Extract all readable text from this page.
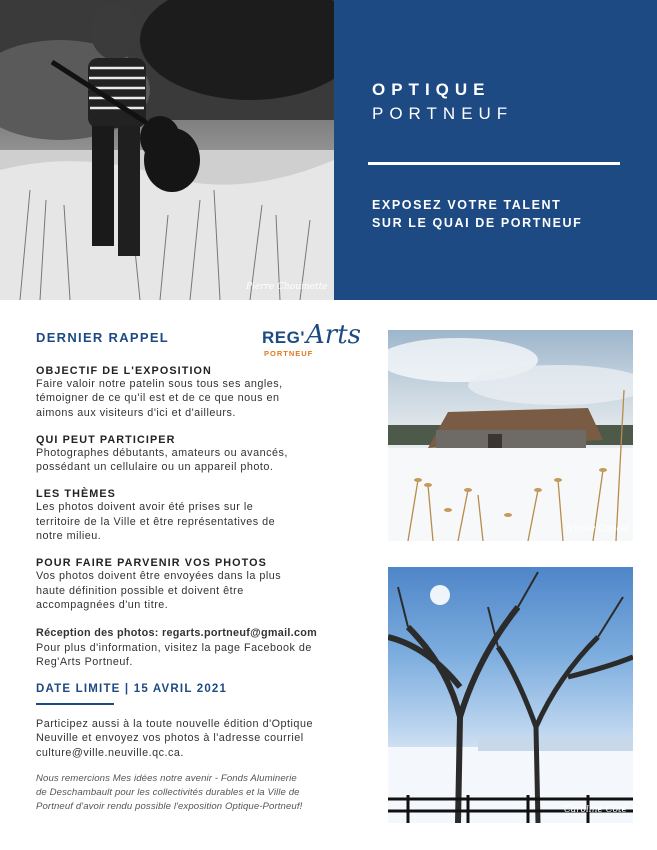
Pierre Chouinette
OPTIQUE
PORTNEUF
EXPOSEZ VOTRE TALENT
SUR LE QUAI DE PORTNEUF
REG' Arts
PORTNEUF
DERNIER RAPPEL
OBJECTIF DE L'EXPOSITION
Faire valoir notre patelin sous tous ses angles,
témoigner de ce qu'il est et de ce que nous en
aimons aux visiteurs d'ici et d'ailleurs.
QUI PEUT PARTICIPER
Photographes débutants, amateurs ou avancés,
possédant un cellulaire ou un appareil photo.
LES THÈMES
Les photos doivent avoir été prises sur le
territoire de la Ville et être représentatives de
notre milieu.
POUR FAIRE PARVENIR VOS PHOTOS
Vos photos doivent être envoyées dans la plus
haute définition possible et doivent être
accompagnées d'un titre.
Réception des photos: regarts.portneuf@gmail.com
Pour plus d'information, visitez la page Facebook de
Reg'Arts Portneuf.
DATE LIMITE | 15 AVRIL 2021
Participez aussi à la toute nouvelle édition d'Optique
Neuville et envoyez vos photos à l'adresse courriel
culture@ville.neuville.qc.ca.
Nous remercions Mes idées notre avenir - Fonds Aluminerie
de Deschambault pour les collectivités durables et la Ville de
Portneuf d'avoir rendu possible l'exposition Optique-Portneuf!
Nicole Cancel
Caroline Côté
